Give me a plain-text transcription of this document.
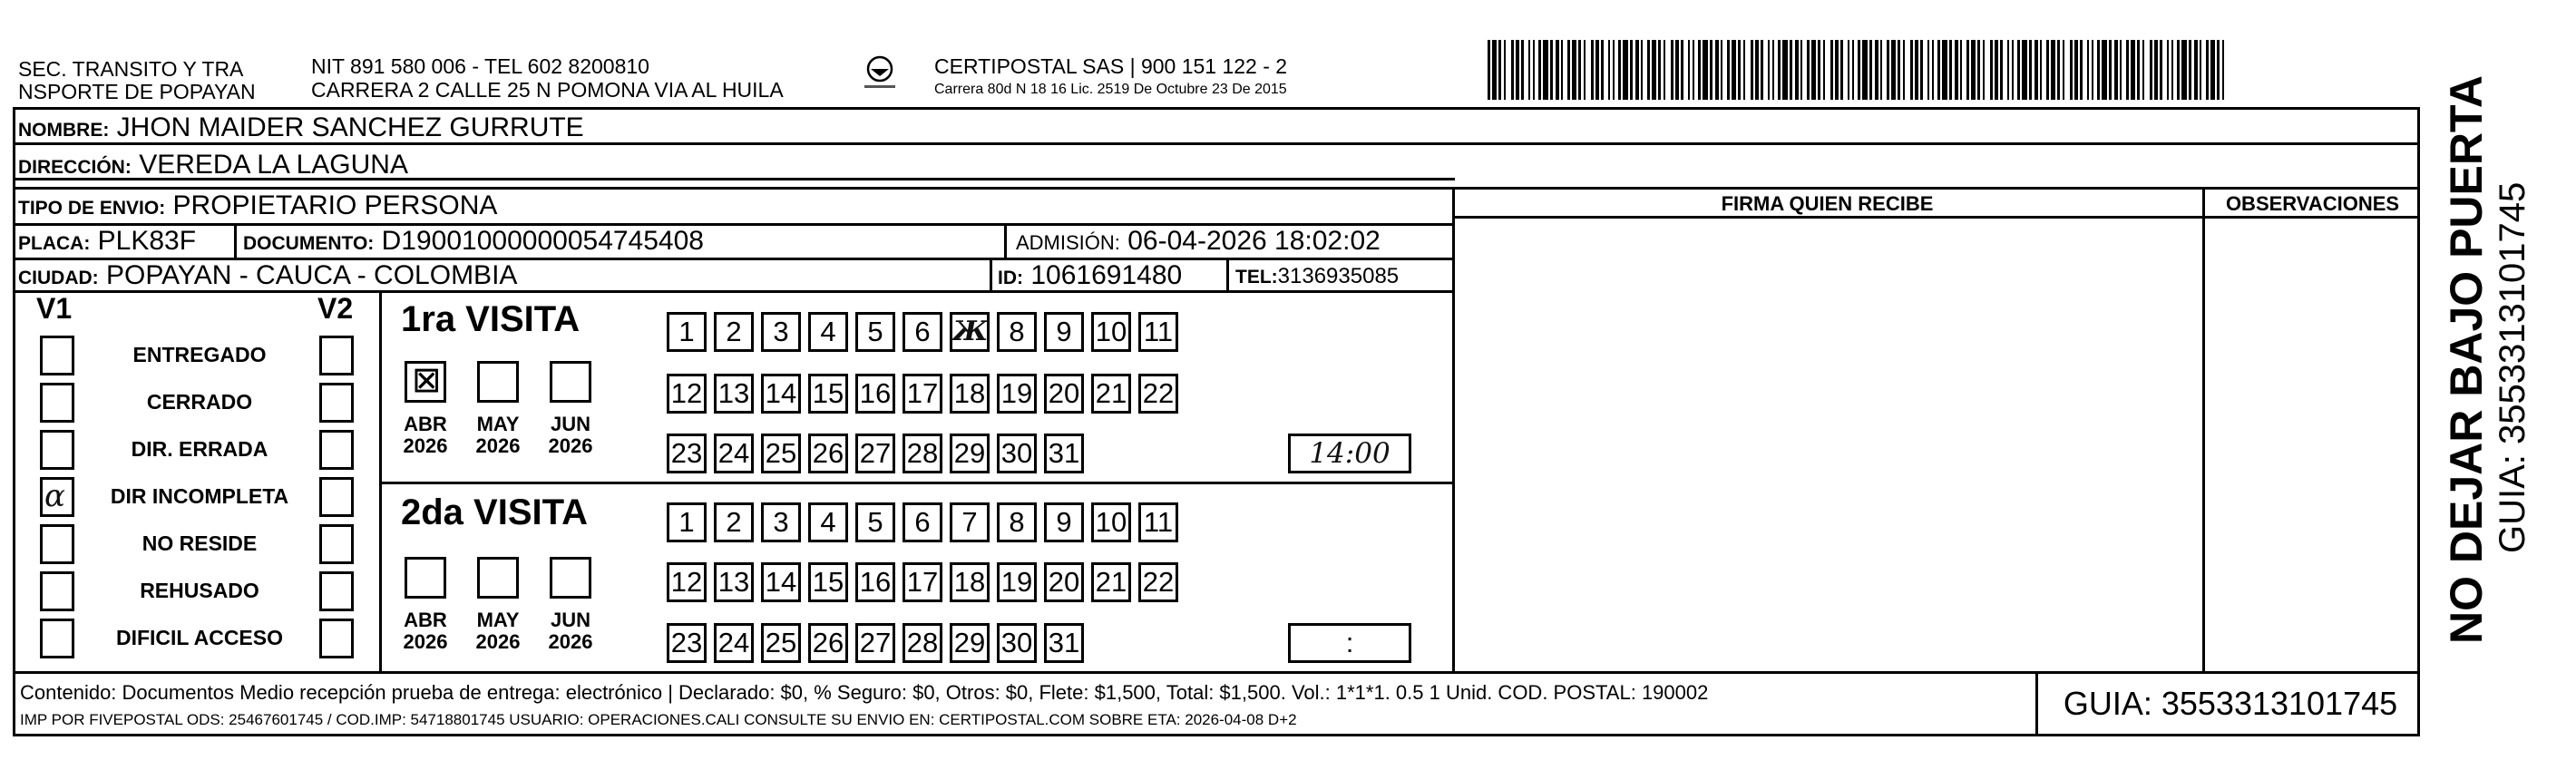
SEC. TRANSITO Y TRA
NSPORTE DE POPAYAN
NIT 891 580 006 - TEL 602 8200810
CARRERA 2 CALLE 25 N POMONA VIA AL HUILA
CERTIPOSTAL SAS | 900 151 122 - 2
Carrera 80d N 18 16 Lic. 2519 De Octubre 23 De 2015
NOMBRE: JHON MAIDER SANCHEZ GURRUTE
DIRECCIÓN: VEREDA LA LAGUNA
TIPO DE ENVIO: PROPIETARIO PERSONA
PLACA: PLK83F DOCUMENTO: D19001000000054745408	ADMISIÓN: 06-04-2026 18:02:02
CIUDAD: POPAYAN - CAUCA - COLOMBIA	ID: 1061691480	TEL:3136935085
FIRMA QUIEN RECIBE	OBSERVACIONES
V1	V2
ENTREGADO
CERRADO
DIR. ERRADA
α	DIR INCOMPLETA
NO RESIDE
REHUSADO
DIFICIL ACCESO
1ra VISITA
2da VISITA
☒
ABR
2026
MAY
2026
JUN
2026
1	2	3	4	5	6 Ж 8	9 10 11
12 13 14 15 16 17 18 19 20 21 22
23 24 25 26 27 28 29 30 31	14:00
ABR
2026
MAY
2026
JUN
2026
1	2	3	4	5	6	7	8	9 10 11
12 13 14 15 16 17 18 19 20 21 22
23 24 25 26 27 28 29 30 31	:
Contenido: Documentos Medio recepción prueba de entrega: electrónico | Declarado: $0, % Seguro: $0, Otros: $0, Flete: $1,500, Total: $1,500. Vol.: 1*1*1. 0.5 1 Unid. COD. POSTAL: 190002
IMP POR FIVEPOSTAL ODS: 25467601745 / COD.IMP: 54718801745 USUARIO: OPERACIONES.CALI CONSULTE SU ENVIO EN: CERTIPOSTAL.COM SOBRE ETA: 2026-04-08 D+2	GUIA: 3553313101745
NO DEJAR BAJO PUERTA GUIA: 3553313101745
